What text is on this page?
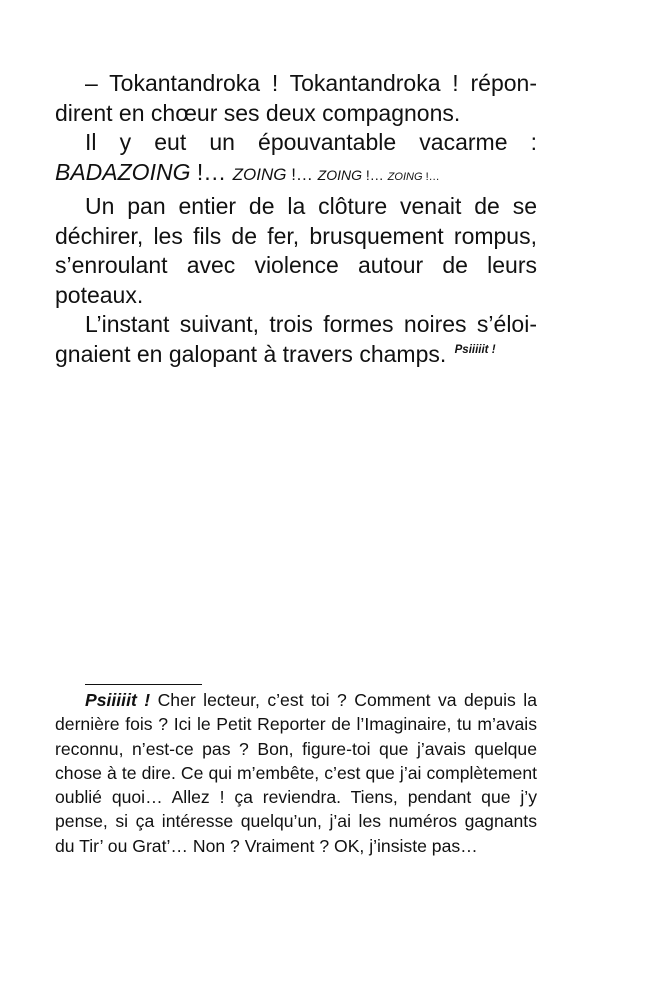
– Tokantandroka ! Tokantandroka ! répon-
dirent en chœur ses deux compagnons.

Il y eut un épouvantable vacarme :
BADAZOING !… ZOING !… ZOING !… ZOING !…

Un pan entier de la clôture venait de se déchirer, les fils de fer, brusquement rompus, s’enroulant avec violence autour de leurs poteaux.

L’instant suivant, trois formes noires s’éloi-
gnaient en galopant à travers champs. $^{Psiiiiit !}$

Psiiiiit ! Cher lecteur, c’est toi ? Comment va depuis la dernière fois ? Ici le Petit Reporter de l’Imaginaire, tu m’avais reconnu, n’est-ce pas ? Bon, figure-toi que j’avais quelque chose à te dire. Ce qui m’embête, c’est que j’ai complètement oublié quoi… Allez ! ça reviendra. Tiens, pendant que j’y pense, si ça intéresse quelqu’un, j’ai les numéros gagnants du Tir’ ou Grat’… Non ? Vraiment ? OK, j’insiste pas…
